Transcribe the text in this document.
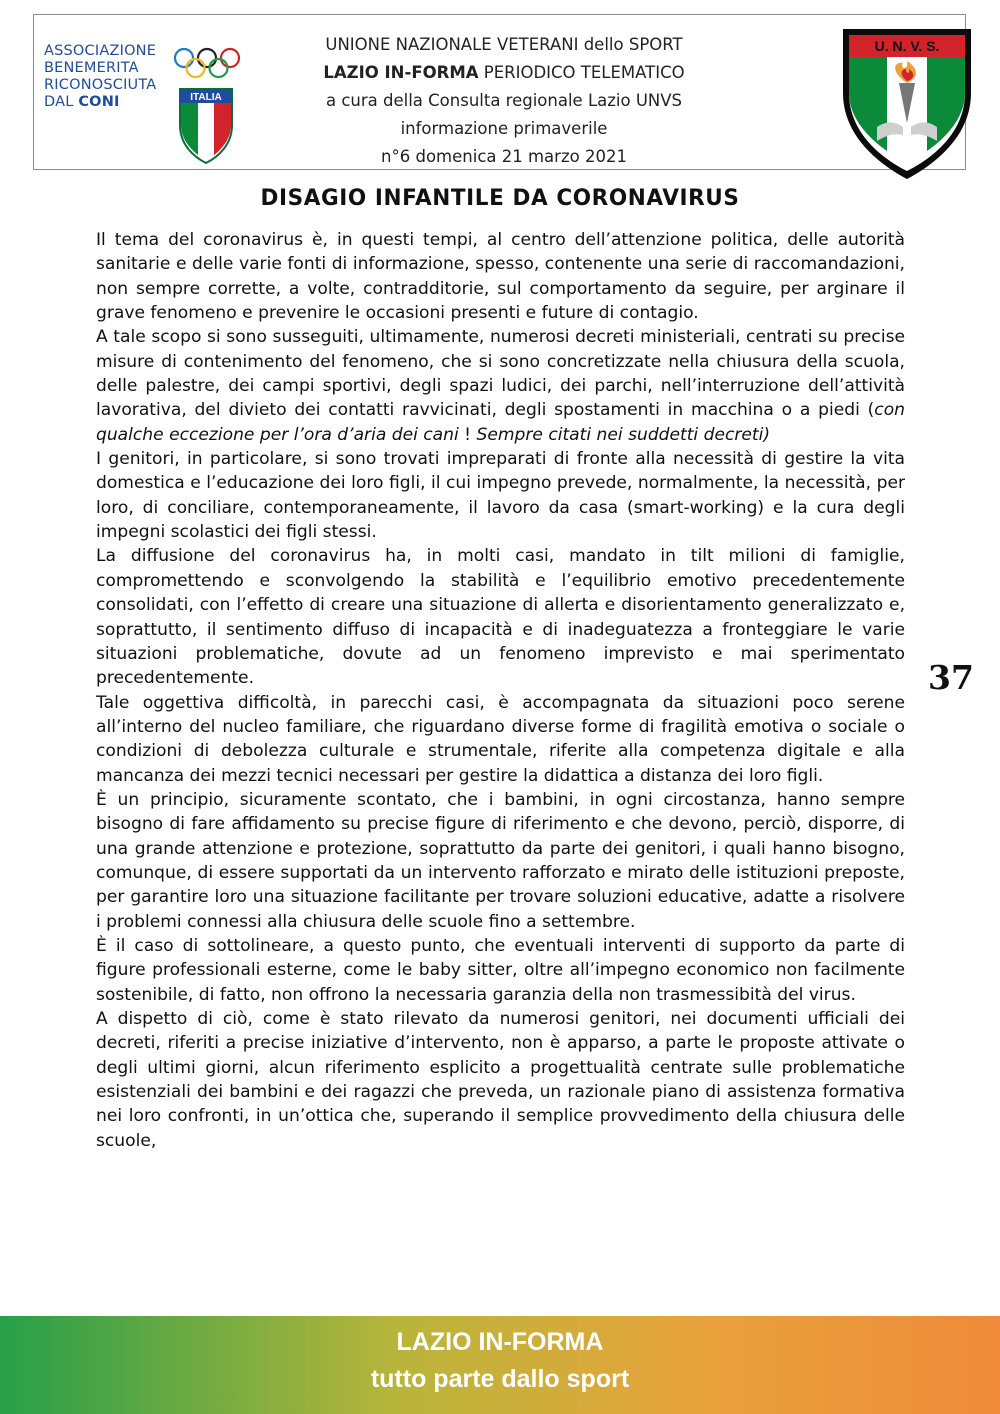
ASSOCIAZIONE
BENEMERITA
RICONOSCIUTA
DAL CONI	ITALIA
UNIONE NAZIONALE VETERANI dello SPORT
LAZIO IN-FORMA PERIODICO TELEMATICO
a cura della Consulta regionale Lazio UNVS
informazione primaverile
n°6 domenica 21 marzo 2021
U. N. V. S.
DISAGIO INFANTILE DA CORONAVIRUS

Il tema del coronavirus è, in questi tempi, al centro dell’attenzione politica, delle autorità sanitarie e delle varie fonti di informazione, spesso, contenente una serie di raccomandazioni, non sempre corrette, a volte, contradditorie, sul comportamento da seguire, per arginare il grave fenomeno e prevenire le occasioni presenti e future di contagio.

A tale scopo si sono susseguiti, ultimamente, numerosi decreti ministeriali, centrati su precise misure di contenimento del fenomeno, che si sono concretizzate nella chiusura della scuola, delle palestre, dei campi sportivi, degli spazi ludici, dei parchi, nell’interruzione dell’attività lavorativa, del divieto dei contatti ravvicinati, degli spostamenti in macchina o a piedi (con qualche eccezione per l’ora d’aria dei cani ! Sempre citati nei suddetti decreti)

I genitori, in particolare, si sono trovati impreparati di fronte alla necessità di gestire la vita domestica e l’educazione dei loro figli, il cui impegno prevede, normalmente, la necessità, per loro, di conciliare, contemporaneamente, il lavoro da casa (smart-working) e la cura degli impegni scolastici dei figli stessi.

La diffusione del coronavirus ha, in molti casi, mandato in tilt milioni di famiglie, compromettendo e sconvolgendo la stabilità e l’equilibrio emotivo precedentemente consolidati, con l’effetto di creare una situazione di allerta e disorientamento generalizzato e, soprattutto, il sentimento diffuso di incapacità e di inadeguatezza a fronteggiare le varie situazioni problematiche, dovute ad un fenomeno imprevisto e mai sperimentato precedentemente.

Tale oggettiva difficoltà, in parecchi casi, è accompagnata da situazioni poco serene all’interno del nucleo familiare, che riguardano diverse forme di fragilità emotiva o sociale o condizioni di debolezza culturale e strumentale, riferite alla competenza digitale e alla mancanza dei mezzi tecnici necessari per gestire la didattica a distanza dei loro figli.

È un principio, sicuramente scontato, che i bambini, in ogni circostanza, hanno sempre bisogno di fare affidamento su precise figure di riferimento e che devono, perciò, disporre, di una grande attenzione e protezione, soprattutto da parte dei genitori, i quali hanno bisogno, comunque, di essere supportati da un intervento rafforzato e mirato delle istituzioni preposte, per garantire loro una situazione facilitante per trovare soluzioni educative, adatte a risolvere i problemi connessi alla chiusura delle scuole fino a settembre.

È il caso di sottolineare, a questo punto, che eventuali interventi di supporto da parte di figure professionali esterne, come le baby sitter, oltre all’impegno economico non facilmente sostenibile, di fatto, non offrono la necessaria garanzia della non trasmessibità del virus.

A dispetto di ciò, come è stato rilevato da numerosi genitori, nei documenti ufficiali dei decreti, riferiti a precise iniziative d’intervento, non è apparso, a parte le proposte attivate o degli ultimi giorni, alcun riferimento esplicito a progettualità centrate sulle problematiche esistenziali dei bambini e dei ragazzi che preveda, un razionale piano di assistenza formativa nei loro confronti, in un’ottica che, superando il semplice provvedimento della chiusura delle scuole,

37
LAZIO IN-FORMA
tutto parte dallo sport
